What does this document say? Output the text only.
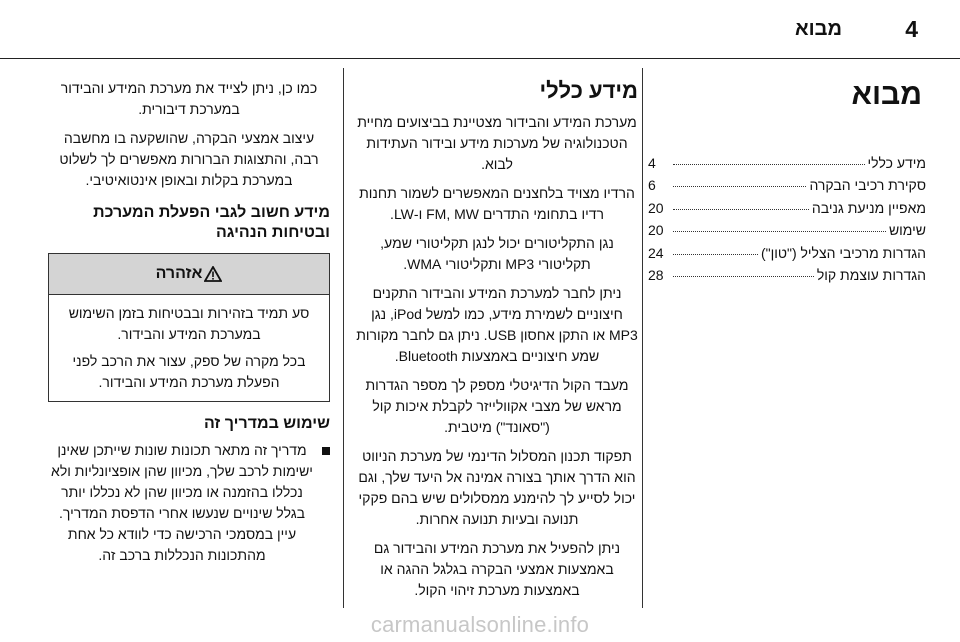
4
מבוא
מבוא
מידע כללי
4
סקירת רכיבי הבקרה
6
מאפיין מניעת גניבה
20
שימוש
20
הגדרות מרכיבי הצליל ("טון")
24
הגדרות עוצמת קול
28
מידע כללי

מערכת המידע והבידור מצטיינת בביצועים מחיית הטכנולוגיה של מערכות מידע ובידור העתידות לבוא.

הרדיו מצויד בלחצנים המאפשרים לשמור תחנות רדיו בתחומי התדרים FM, MW ו-LW.

נגן התקליטורים יכול לנגן תקליטורי שמע, תקליטורי MP3 ותקליטורי WMA.

ניתן לחבר למערכת המידע והבידור התקנים חיצוניים לשמירת מידע, כמו למשל iPod, נגן MP3 או התקן אחסון USB. ניתן גם לחבר מקורות שמע חיצוניים באמצעות Bluetooth.

מעבד הקול הדיגיטלי מספק לך מספר הגדרות מראש של מצבי אקוולייזר לקבלת איכות קול ("סאונד") מיטבית.

תפקוד תכנון המסלול הדינמי של מערכת הניווט הוא הדרך אותך בצורה אמינה אל היעד שלך, וגם יכול לסייע לך להימנע ממסלולים שיש בהם פקקי תנועה ובעיות תנועה אחרות.

ניתן להפעיל את מערכת המידע והבידור גם באמצעות אמצעי הבקרה בגלגל ההגה או באמצעות מערכת זיהוי הקול.

כמו כן, ניתן לצייד את מערכת המידע והבידור במערכת דיבורית.

עיצוב אמצעי הבקרה, שהושקעה בו מחשבה רבה, והתצוגות הברורות מאפשרים לך לשלוט במערכת בקלות ובאופן אינטואיטיבי.

מידע חשוב לגבי הפעלת המערכת ובטיחות הנהיגה
אזהרה

סע תמיד בזהירות ובבטיחות בזמן השימוש במערכת המידע והבידור.

בכל מקרה של ספק, עצור את הרכב לפני הפעלת מערכת המידע והבידור.

שימוש במדריך זה
מדריך זה מתאר תכונות שונות שייתכן שאינן ישימות לרכב שלך, מכיוון שהן אופציונליות ולא נכללו בהזמנה או מכיוון שהן לא נכללו יותר בגלל שינויים שנעשו אחרי הדפסת המדריך. עיין במסמכי הרכישה כדי לוודא כל אחת מהתכונות הנכללות ברכב זה.
carmanualsonline.info
